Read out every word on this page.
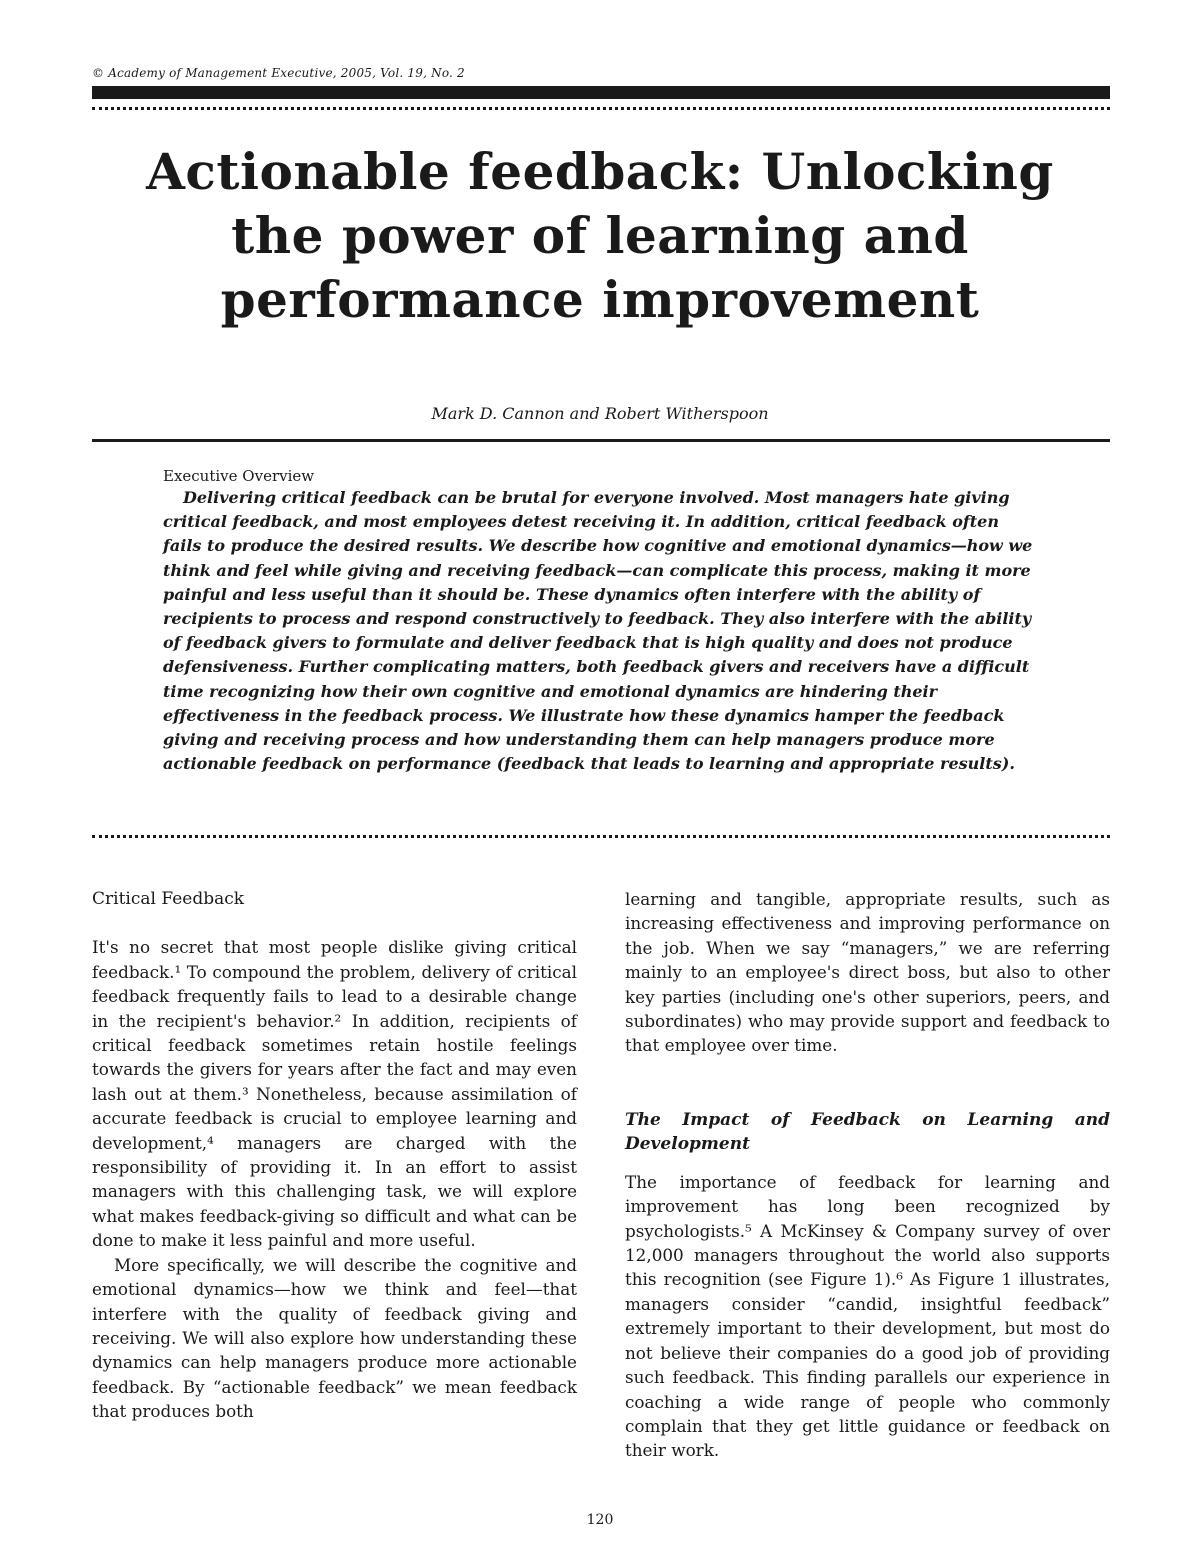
© Academy of Management Executive, 2005, Vol. 19, No. 2
Actionable feedback: Unlocking the power of learning and performance improvement
Mark D. Cannon and Robert Witherspoon
Executive Overview

Delivering critical feedback can be brutal for everyone involved. Most managers hate giving critical feedback, and most employees detest receiving it. In addition, critical feedback often fails to produce the desired results. We describe how cognitive and emotional dynamics—how we think and feel while giving and receiving feedback—can complicate this process, making it more painful and less useful than it should be. These dynamics often interfere with the ability of recipients to process and respond constructively to feedback. They also interfere with the ability of feedback givers to formulate and deliver feedback that is high quality and does not produce defensiveness. Further complicating matters, both feedback givers and receivers have a difficult time recognizing how their own cognitive and emotional dynamics are hindering their effectiveness in the feedback process. We illustrate how these dynamics hamper the feedback giving and receiving process and how understanding them can help managers produce more actionable feedback on performance (feedback that leads to learning and appropriate results).

Critical Feedback

It's no secret that most people dislike giving critical feedback.¹ To compound the problem, delivery of critical feedback frequently fails to lead to a desirable change in the recipient's behavior.² In addition, recipients of critical feedback sometimes retain hostile feelings towards the givers for years after the fact and may even lash out at them.³ Nonetheless, because assimilation of accurate feedback is crucial to employee learning and development,⁴ managers are charged with the responsibility of providing it. In an effort to assist managers with this challenging task, we will explore what makes feedback-giving so difficult and what can be done to make it less painful and more useful.

More specifically, we will describe the cognitive and emotional dynamics—how we think and feel—that interfere with the quality of feedback giving and receiving. We will also explore how understanding these dynamics can help managers produce more actionable feedback. By “actionable feedback” we mean feedback that produces both

learning and tangible, appropriate results, such as increasing effectiveness and improving performance on the job. When we say “managers,” we are referring mainly to an employee's direct boss, but also to other key parties (including one's other superiors, peers, and subordinates) who may provide support and feedback to that employee over time.

The Impact of Feedback on Learning and Development

The importance of feedback for learning and improvement has long been recognized by psychologists.⁵ A McKinsey & Company survey of over 12,000 managers throughout the world also supports this recognition (see Figure 1).⁶ As Figure 1 illustrates, managers consider “candid, insightful feedback” extremely important to their development, but most do not believe their companies do a good job of providing such feedback. This finding parallels our experience in coaching a wide range of people who commonly complain that they get little guidance or feedback on their work.

120
